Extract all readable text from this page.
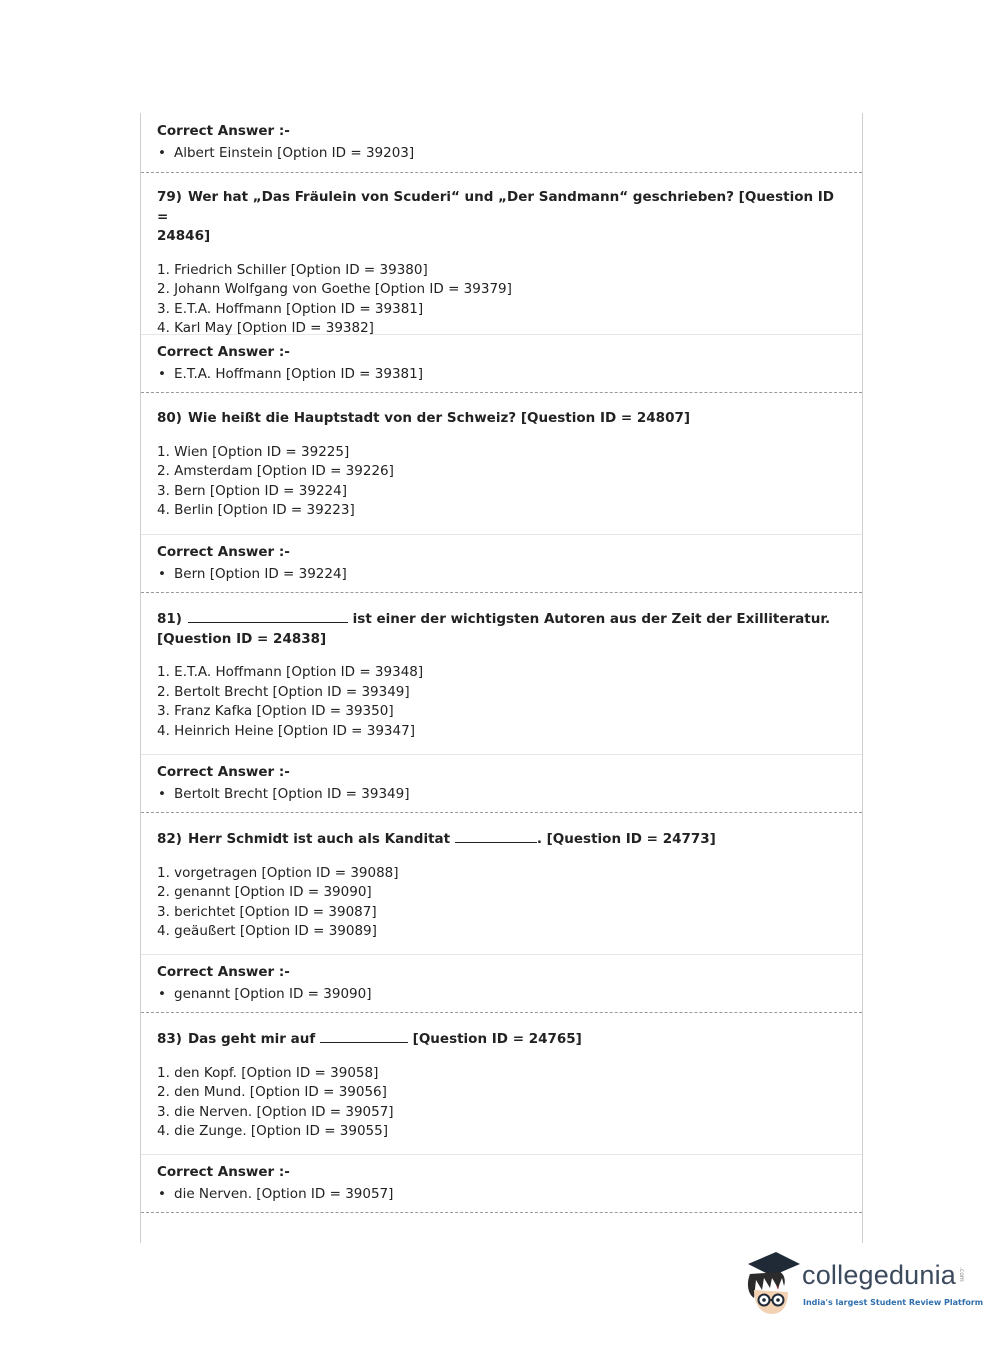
Correct Answer :-
• Albert Einstein [Option ID = 39203]
79) Wer hat „Das Fräulein von Scuderi“ und „Der Sandmann“ geschrieben? [Question ID =
24846]
1. Friedrich Schiller [Option ID = 39380]
2. Johann Wolfgang von Goethe [Option ID = 39379]
3. E.T.A. Hoffmann [Option ID = 39381]
4. Karl May [Option ID = 39382]
Correct Answer :-
• E.T.A. Hoffmann [Option ID = 39381]
80) Wie heißt die Hauptstadt von der Schweiz? [Question ID = 24807]
1. Wien [Option ID = 39225]
2. Amsterdam [Option ID = 39226]
3. Bern [Option ID = 39224]
4. Berlin [Option ID = 39223]
Correct Answer :-
• Bern [Option ID = 39224]
81)	ist einer der wichtigsten Autoren aus der Zeit der Exilliteratur.
[Question ID = 24838]
1. E.T.A. Hoffmann [Option ID = 39348]
2. Bertolt Brecht [Option ID = 39349]
3. Franz Kafka [Option ID = 39350]
4. Heinrich Heine [Option ID = 39347]
Correct Answer :-
• Bertolt Brecht [Option ID = 39349]
82) Herr Schmidt ist auch als Kanditat	. [Question ID = 24773]
1. vorgetragen [Option ID = 39088]
2. genannt [Option ID = 39090]
3. berichtet [Option ID = 39087]
4. geäußert [Option ID = 39089]
Correct Answer :-
• genannt [Option ID = 39090]
83) Das geht mir auf	[Question ID = 24765]
1. den Kopf. [Option ID = 39058]
2. den Mund. [Option ID = 39056]
3. die Nerven. [Option ID = 39057]
4. die Zunge. [Option ID = 39055]
Correct Answer :-
• die Nerven. [Option ID = 39057]
collegedunia .com
India's largest Student Review Platform
